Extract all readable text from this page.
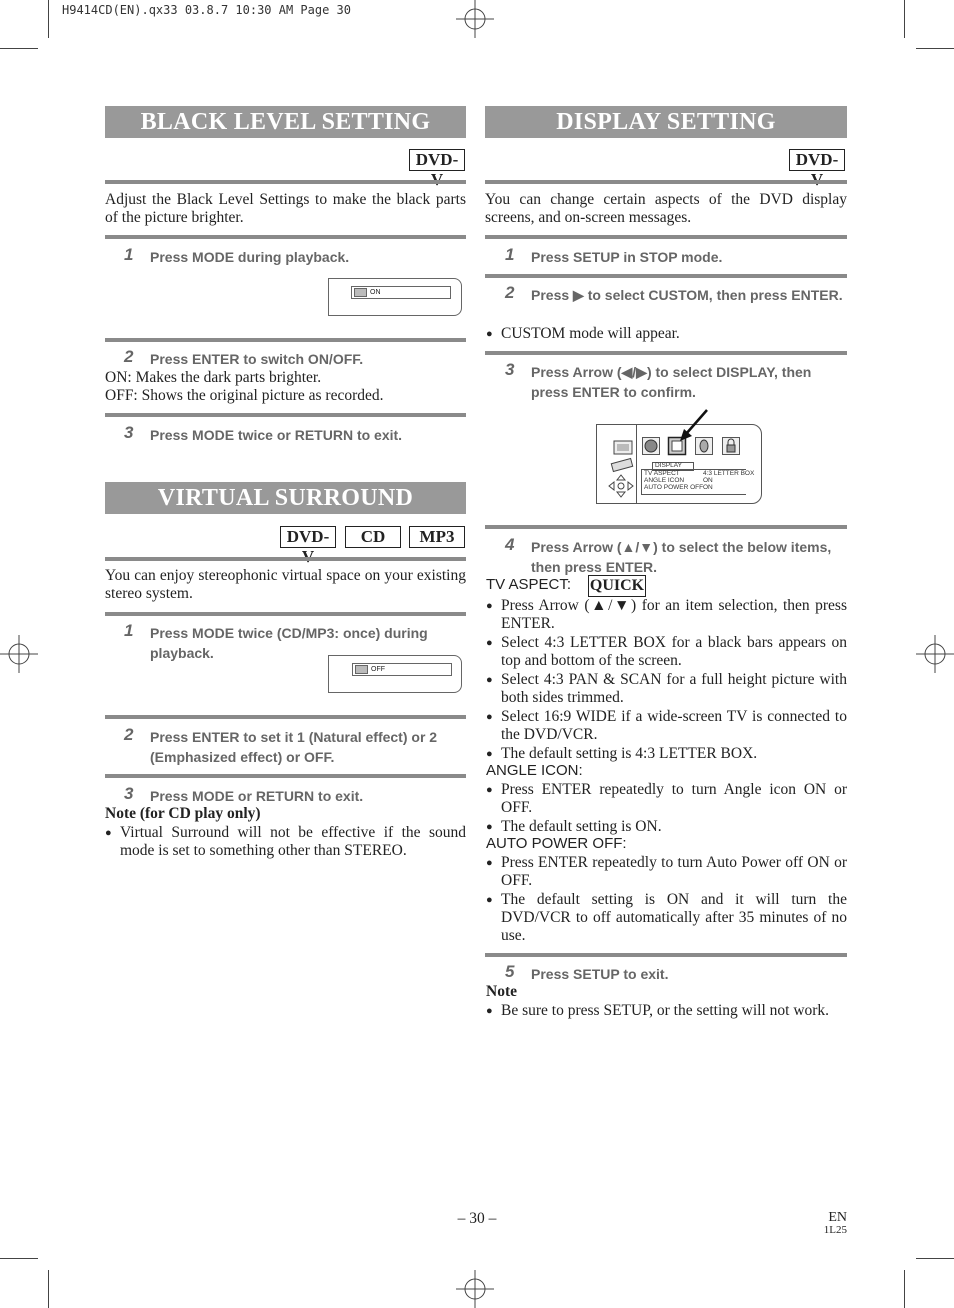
H9414CD(EN).qx33 03.8.7 10:30 AM Page 30
BLACK LEVEL SETTING
DVD-
Adjust the Black Level Settings to make the black parts of the picture brighter.
1 Press MODE during playback.
ON
2 Press ENTER to switch ON/OFF.
ON: Makes the dark parts brighter.
OFF: Shows the original picture as recorded.
3 Press MODE twice or RETURN to exit.
VIRTUAL SURROUND
DVD-	CD	MP3
You can enjoy stereophonic virtual space on your existing stereo system.
1 Press MODE twice (CD/MP3: once) during playback.
OFF
2 Press ENTER to set it 1 (Natural effect) or 2 (Emphasized effect) or OFF.
3 Press MODE or RETURN to exit.
Note (for CD play only)
● Virtual Surround will not be effective if the sound mode is set to something other than STEREO.
DISPLAY SETTING
DVD-
You can change certain aspects of the DVD display screens, and on-screen messages.
1 Press SETUP in STOP mode.
2 Press ▶ to select CUSTOM, then press ENTER.
● CUSTOM mode will appear.
3 Press Arrow (◀/▶) to select DISPLAY, then press ENTER to confirm.
DISPLAY
TV ASPECT	4:3 LETTER BOX
ANGLE ICON	ON
AUTO POWER OFF ON
4 Press Arrow (▲/▼) to select the below items, then press ENTER.
TV ASPECT: QUICK
● Press Arrow (▲/▼) for an item selection, then press ENTER.
● Select 4:3 LETTER BOX for a black bars appears on top and bottom of the screen.
● Select 4:3 PAN & SCAN for a full height picture with both sides trimmed.
● Select 16:9 WIDE if a wide-screen TV is connected to the DVD/VCR.
● The default setting is 4:3 LETTER BOX.
ANGLE ICON:
● Press ENTER repeatedly to turn Angle icon ON or OFF.
● The default setting is ON.
AUTO POWER OFF:
● Press ENTER repeatedly to turn Auto Power off ON or OFF.
● The default setting is ON and it will turn the DVD/VCR to off automatically after 35 minutes of no use.
5 Press SETUP to exit.
Note
● Be sure to press SETUP, or the setting will not work.
– 30 –	EN
1L25
